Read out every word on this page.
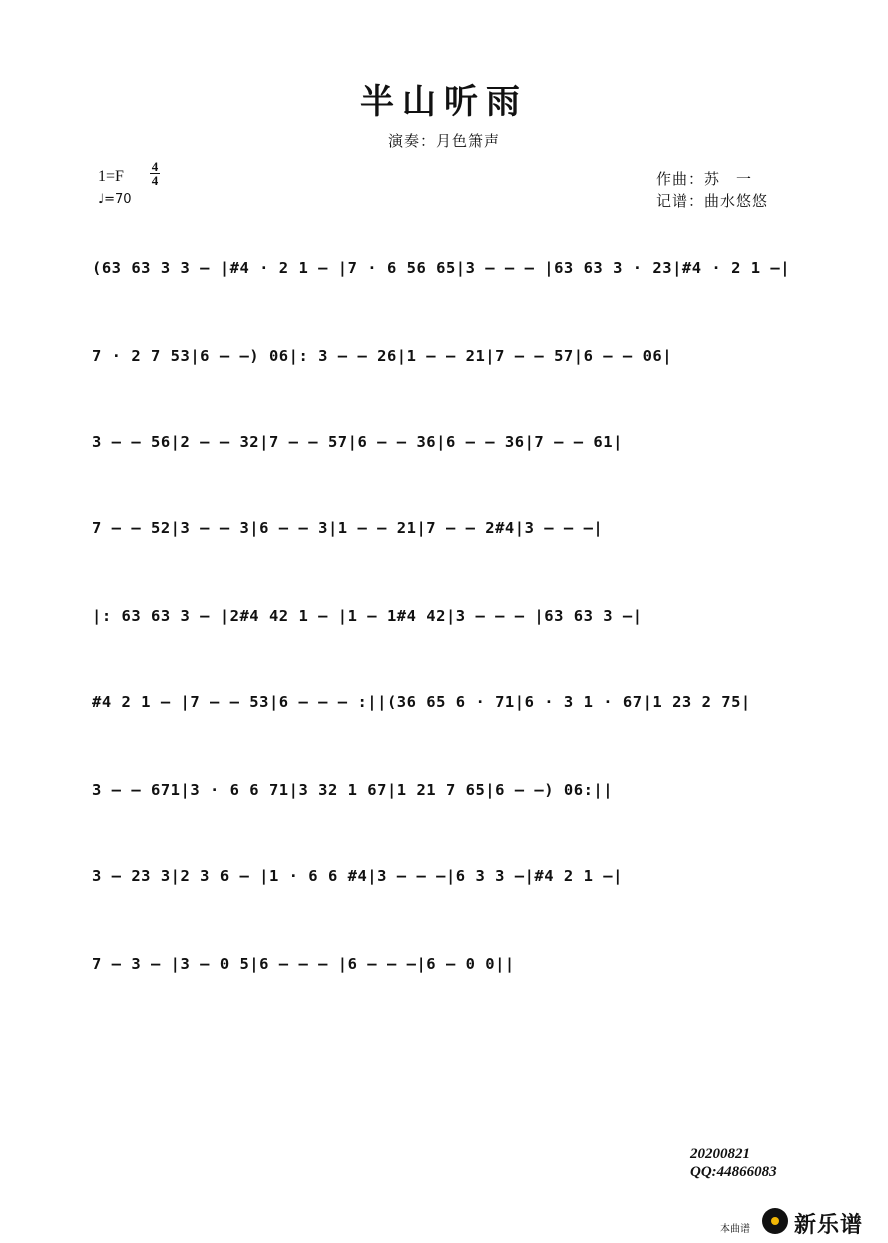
半山听雨
演奏：月色箫声
1=F
4
4
♩=70
作曲：苏　一
记谱：曲水悠悠
(63 63 3 3 – |#4 · 2 1 – |7 · 6 56 65|3 – – – |63 63 3 · 23|#4 · 2 1 –|
7 · 2 7 53|6 – –) 06|: 3 – – 26|1 – – 21|7 – – 57|6 – – 06|
3 – – 56|2 – – 32|7 – – 57|6 – – 36|6 – – 36|7 – – 61|
7 – – 52|3 – – 3|6 – – 3|1 – – 21|7 – – 2#4|3 – – –|
|: 63 63 3 – |2#4 42 1 – |1 – 1#4 42|3 – – – |63 63 3 –|
#4 2 1 – |7 – – 53|6 – – – :||(36 65 6 · 71|6 · 3 1 · 67|1 23 2 75|
3 – – 671|3 · 6 6 71|3 32 1 67|1 21 7 65|6 – –) 06:||
3 – 23 3|2 3 6 – |1 · 6 6 #4|3 – – –|6 3 3 –|#4 2 1 –|
7 – 3 – |3 – 0 5|6 – – – |6 – – –|6 – 0 0||
20200821
QQ:44866083
本曲谱 新乐谱
